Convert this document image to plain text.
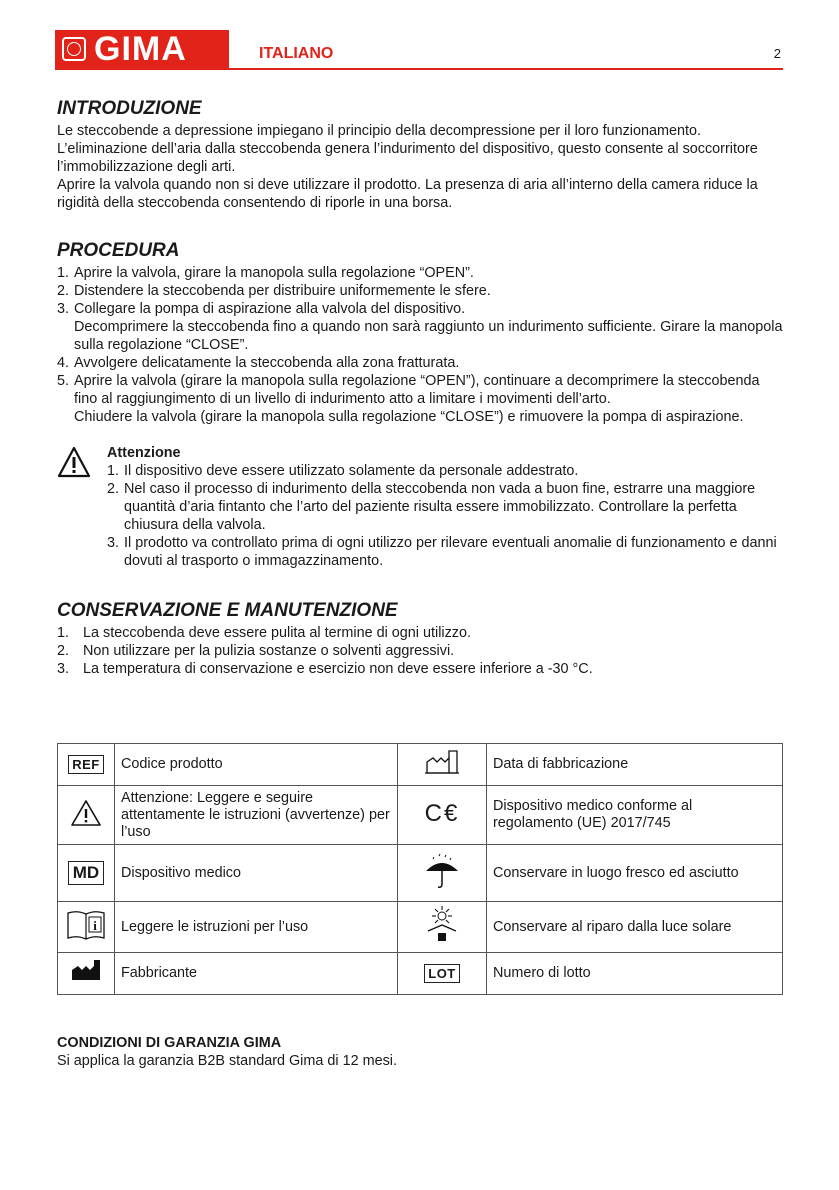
GIMA	ITALIANO	2
INTRODUZIONE

Le steccobende a depressione impiegano il principio della decompressione per il loro funzionamento. L’eliminazione dell’aria dalla steccobenda genera l’indurimento del dispositivo, questo consente al soccorritore l’immobilizzazione degli arti.

Aprire la valvola quando non si deve utilizzare il prodotto. La presenza di aria all’interno della camera riduce la rigidità della steccobenda consentendo di riporle in una borsa.

PROCEDURA
1. Aprire la valvola, girare la manopola sulla regolazione “OPEN”.
2. Distendere la steccobenda per distribuire uniformemente le sfere.
3. Collegare la pompa di aspirazione alla valvola del dispositivo.
Decomprimere la steccobenda fino a quando non sarà raggiunto un indurimento sufficiente. Girare la manopola sulla regolazione “CLOSE”.
4. Avvolgere delicatamente la steccobenda alla zona fratturata.
5. Aprire la valvola (girare la manopola sulla regolazione “OPEN”), continuare a decomprimere la steccobenda fino al raggiungimento di un livello di indurimento atto a limitare i movimenti dell’arto.
Chiudere la valvola (girare la manopola sulla regolazione “CLOSE”) e rimuovere la pompa di aspirazione.
Attenzione
1. Il dispositivo deve essere utilizzato solamente da personale addestrato.
2. Nel caso il processo di indurimento della steccobenda non vada a buon fine, estrarre una maggiore quantità d’aria fintanto che l’arto del paziente risulta essere immobilizzato. Controllare la perfetta chiusura della valvola.
3. Il prodotto va controllato prima di ogni utilizzo per rilevare eventuali anomalie di funzionamento e danni dovuti al trasporto o immagazzinamento.
CONSERVAZIONE E MANUTENZIONE
1. La steccobenda deve essere pulita al termine di ogni utilizzo.
2. Non utilizzare per la pulizia sostanze o solventi aggressivi.
3. La temperatura di conservazione e esercizio non deve essere inferiore a -30 °C.
REF	Codice prodotto		Data di fabbricazione
	Attenzione: Leggere e seguire attentamente le istruzioni (avvertenze) per l’uso	C€	Dispositivo medico conforme al regolamento (UE) 2017/745
MD	Dispositivo medico		Conservare in luogo fresco ed asciutto

i	Leggere le istruzioni per l’uso		Conservare al riparo dalla luce solare
	Fabbricante	LOT	Numero di lotto
CONDIZIONI DI GARANZIA GIMA
Si applica la garanzia B2B standard Gima di 12 mesi.
